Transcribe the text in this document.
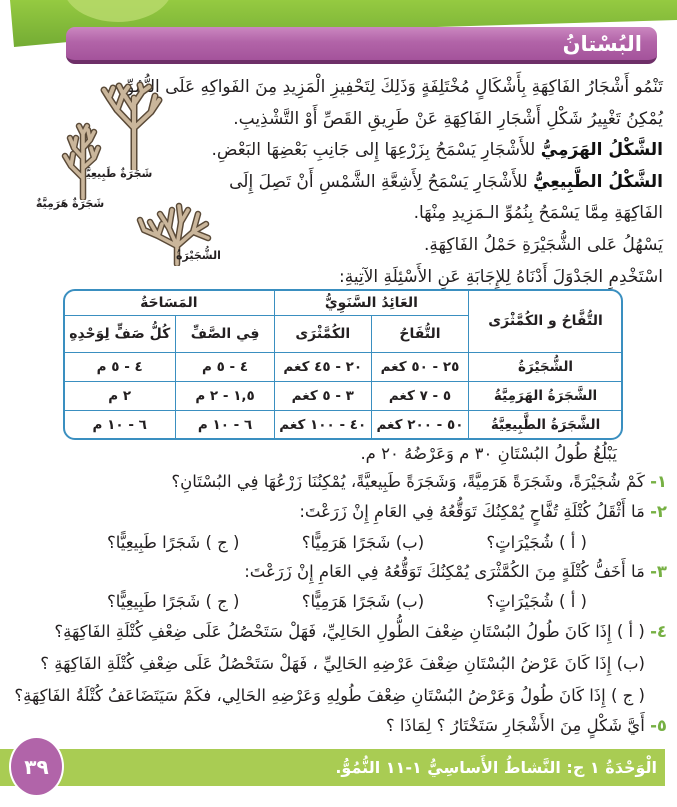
البُسْتانُ
تَنْمُو أَشْجَارُ الفَاكِهَةِ بِأَشْكَالٍ مُخْتَلِفَةٍ وَذَلِكَ لِتَحْفِيزِ الْمَزِيدِ مِنَ الفَواكِهِ عَلَى النُّمُوِّ.
يُمْكِنُ تَغْيِيرُ شَكْلِ أَشْجَارِ الفَاكِهَةِ عَنْ طَرِيقِ القَصِّ أَوْ التَّشْذِيبِ.
الشَّكْلُ الهَرَمِيُّ للأَشْجَارِ يَسْمَحُ بِزَرْعِهَا إِلى جَانِبِ بَعْضِهَا البَعْضِ.
الشَّكْلُ الطَّبِيعِيُّ للأَشْجَارِ يَسْمَحُ لِأَشِعَّةِ الشَّمْسِ أَنْ تَصِلَ إِلَى
الفَاكِهَةِ مِمَّا يَسْمَحُ بِنُمُوِّ الـمَزِيدِ مِنْهَا.
يَسْهُلُ عَلى الشُّجَيْرَةِ حَمْلُ الفَاكِهَةِ.
اسْتَخْدِمِ الجَدْوَلَ أَدْنَاهُ لِلإِجَابَةِ عَنِ الأَسْئِلَةِ الآتِيةِ:
شَجَرَةٌ طَبِيعِيَّةٌ
شَجَرَةٌ هَرَمِيَّةٌ
الشُّجَيْرَةُ
التُّفَّاحُ و الكُمَّثْرَى	العَائِدُ السَّنَوِيُّ		المَسَاحَةُ	
	التُّفَاحُ	الكُمَّثْرَى	فِي الصَّفِّ	كُلُّ صَفٍّ لِوَحْدِهِ
الشُّجَيْرَةُ	٢٥ - ٥٠ كغم	٢٠ - ٤٥ كغم	٤ - ٥ م	٤ - ٥ م
الشَّجَرَةُ الهَرَمِيَّةُ	٥ - ٧ كغم	٣ - ٥ كغم	١,٥ - ٢ م	٢ م
الشَّجَرَةُ الطَّبِيعِيَّةُ	٥٠ - ٢٠٠ كغم	٤٠ - ١٠٠ كغم	٦ - ١٠ م	٦ - ١٠ م
يَبْلُغُ طُولُ البُسْتَانِ ٣٠ م وَعَرْضُهُ ٢٠ م.
١- كَمْ شُجَيْرَةً، وشَجَرَةً هَرَمِيَّةً، وَشَجَرَةً طَبِيعيَّةً، يُمْكِنُنَا زَرْعُهَا فِي البُسْتَانِ؟
٢- مَا أَثْقَلُ كُتْلَةِ تُفَّاحٍ يُمْكِنُكَ تَوَقُّعُهُ فِي العَامِ إِنْ زَرَعْتَ:
( أ ) شُجَيْرَاتٍ؟
(ب) شَجَرًا هَرَمِيًّا؟
( ج ) شَجَرًا طَبِيعِيًّا؟
٣- مَا أَخَفُّ كُتْلَةٍ مِنَ الكُمَّثْرَى يُمْكِنُكَ تَوَقُّعُهُ فِي العَامِ إِنْ زَرَعْتَ:
( أ ) شُجَيْرَاتٍ؟
(ب) شَجَرًا هَرَمِيًّا؟
( ج ) شَجَرًا طَبِيعِيًّا؟
٤- ( أ ) إِذَا كَانَ طُولُ البُسْتَانِ ضِعْفَ الطُّولِ الحَالِيِّ، فَهَلْ سَتَحْصُلُ عَلَى ضِعْفِ كُتْلَةِ الفَاكِهَةِ؟
(ب) إِذَا كَانَ عَرْضُ البُسْتَانِ ضِعْفَ عَرْضِهِ الحَالِيِّ ، فَهَلْ سَتَحْصُلُ عَلَى ضِعْفِ كُتْلَةِ الفَاكِهَةِ ؟
( ج ) إِذَا كَانَ طُولُ وَعَرْضُ البُسْتَانِ ضِعْفَ طُولِهِ وَعَرْضِهِ الحَالِي، فكَمْ سَيَتَضَاعَفُ كُتْلَةُ الفَاكِهَةِ؟
٥- أَيَّ شَكْلٍ مِنَ الأَشْجَارِ سَتَخْتَارُ ؟ لِمَاذَا ؟
الْوَحْدَةُ ١ ج: النَّشاطُ الأَساسِيُّ ١-١١ النُّمُوُّ.
٣٩
